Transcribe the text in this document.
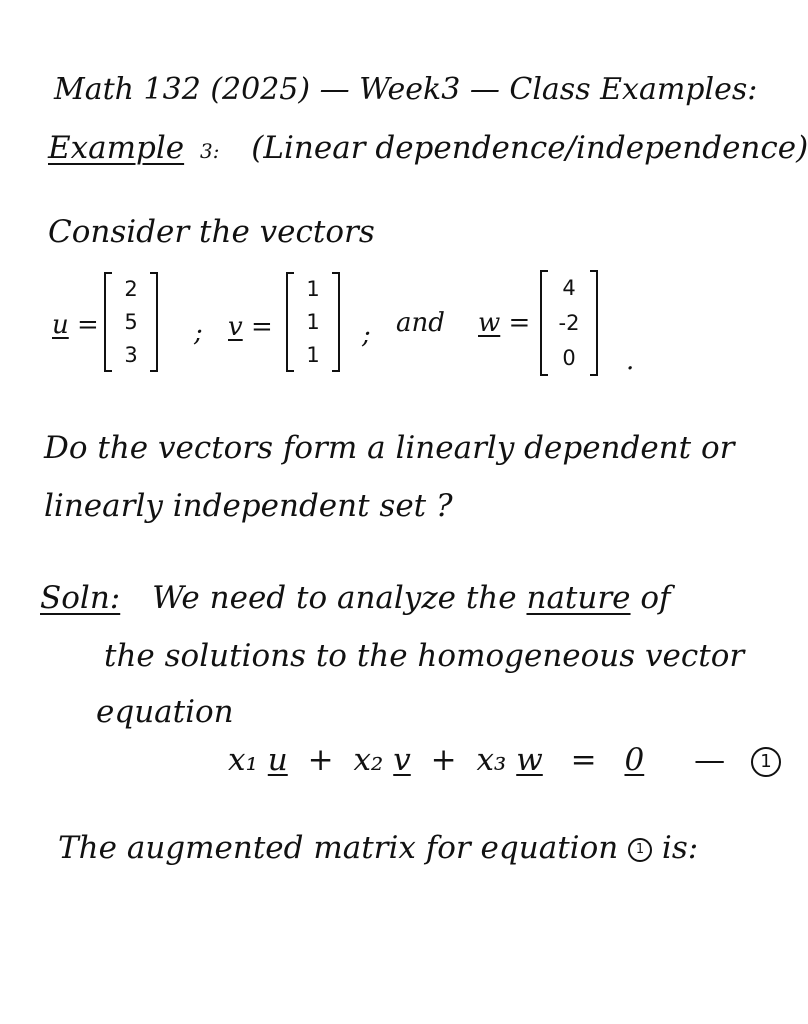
Math 132 (2025) — Week3 — Class Examples:
Example 3: (Linear dependence/independence)
Consider the vectors
u =
2
5
3
; v =
1
1
1
; and w =
4
-2
0 .
Do the vectors form a linearly dependent or
linearly independent set ?
Soln: We need to analyze the nature of
the solutions to the homogeneous vector
equation
x₁ u + x₂ v + x₃ w = 0 — 1
The augmented matrix for equation 1 is:
